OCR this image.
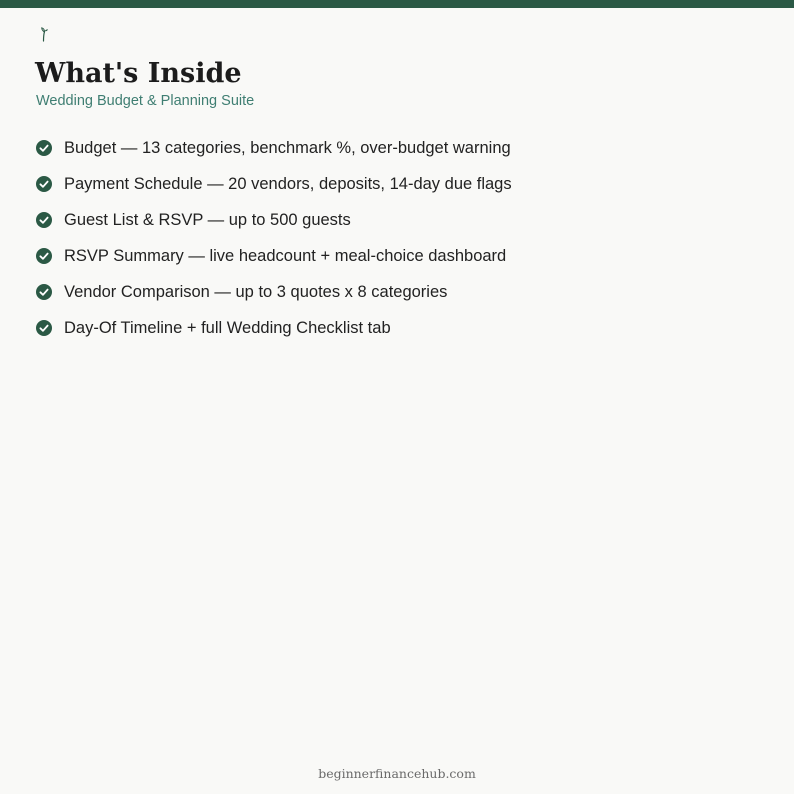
What's Inside

Wedding Budget & Planning Suite

Budget — 13 categories, benchmark %, over-budget warning
Payment Schedule — 20 vendors, deposits, 14-day due flags
Guest List & RSVP — up to 500 guests
RSVP Summary — live headcount + meal-choice dashboard
Vendor Comparison — up to 3 quotes x 8 categories
Day-Of Timeline + full Wedding Checklist tab
beginnerfinancehub.com
